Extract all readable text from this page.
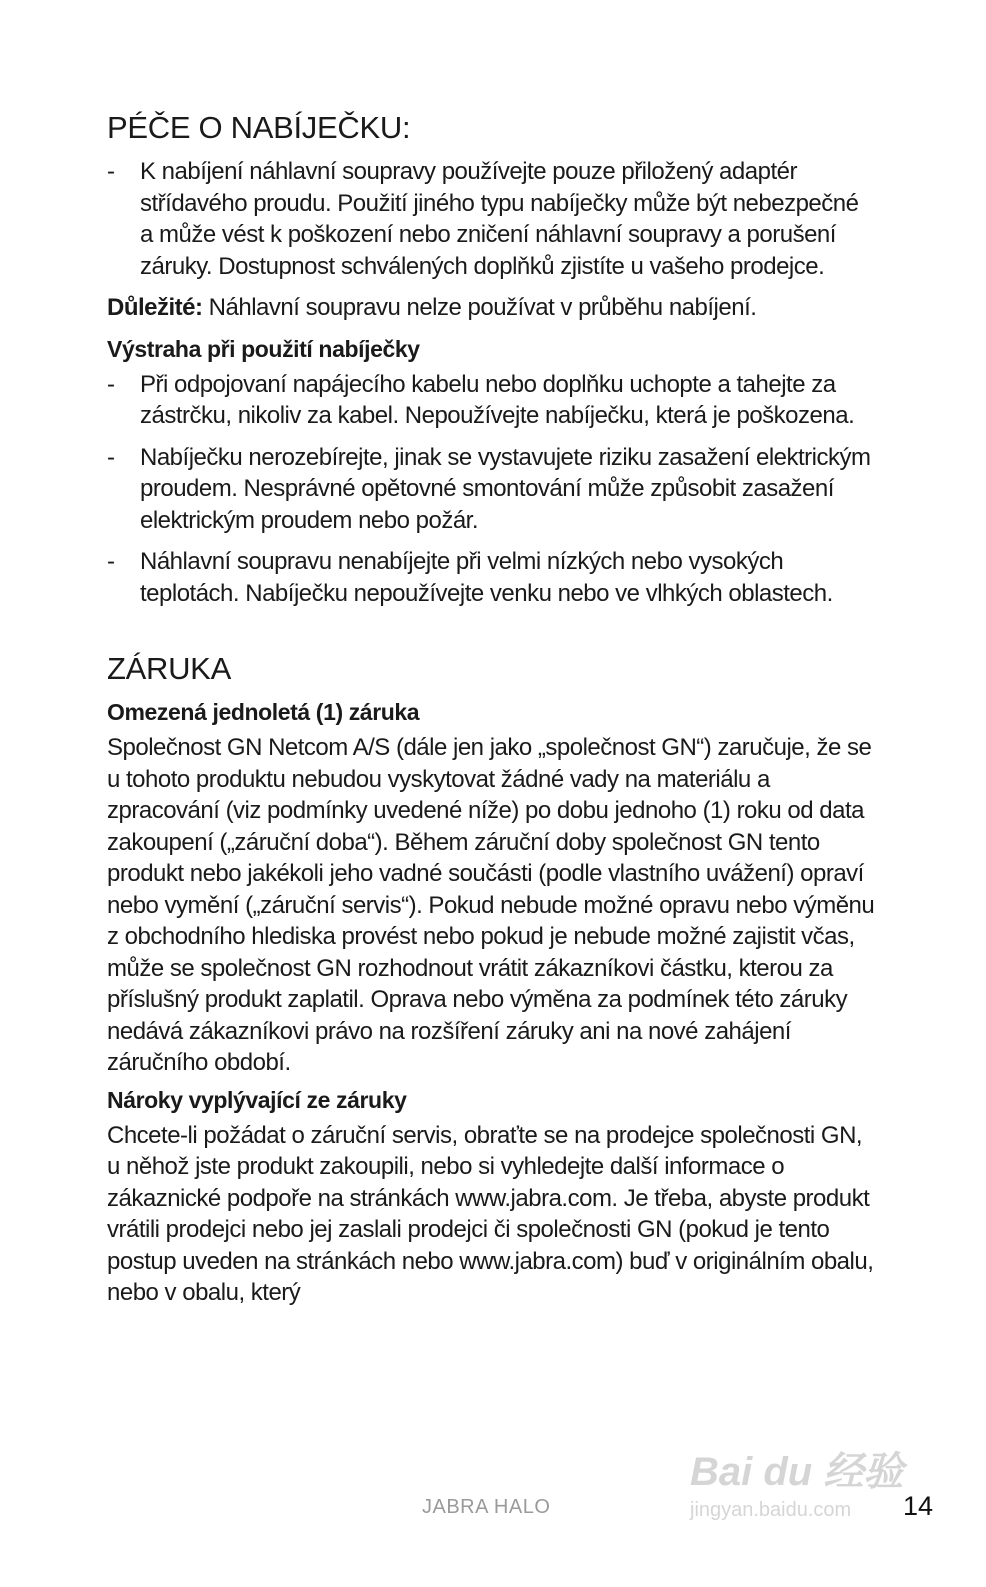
PÉČE O NABÍJEČKU:
-	K nabíjení náhlavní soupravy používejte pouze přiložený adaptér střídavého proudu. Použití jiného typu nabíječky může být nebezpečné a může vést k poškození nebo zničení náhlavní soupravy a porušení záruky. Dostupnost schválených doplňků zjistíte u vašeho prodejce.

Důležité: Náhlavní soupravu nelze používat v průběhu nabíjení.

Výstraha při použití nabíječky
-	Při odpojovaní napájecího kabelu nebo doplňku uchopte a tahejte za zástrčku, nikoliv za kabel. Nepoužívejte nabíječku, která je poškozena.
-	Nabíječku nerozebírejte, jinak se vystavujete riziku zasažení elektrickým proudem. Nesprávné opětovné smontování může způsobit zasažení elektrickým proudem nebo požár.
-	Náhlavní soupravu nenabíjejte při velmi nízkých nebo vysokých teplotách. Nabíječku nepoužívejte venku nebo ve vlhkých oblastech.
ZÁRUKA
Omezená jednoletá (1) záruka

Společnost GN Netcom A/S (dále jen jako „společnost GN“) zaručuje, že se u tohoto produktu nebudou vyskytovat žádné vady na materiálu a zpracování (viz podmínky uvedené níže) po dobu jednoho (1) roku od data zakoupení („záruční doba“). Během záruční doby společnost GN tento produkt nebo jakékoli jeho vadné součásti (podle vlastního uvážení) opraví nebo vymění („záruční servis“). Pokud nebude možné opravu nebo výměnu z obchodního hlediska provést nebo pokud je nebude možné zajistit včas, může se společnost GN rozhodnout vrátit zákazníkovi částku, kterou za příslušný produkt zaplatil. Oprava nebo výměna za podmínek této záruky nedává zákazníkovi právo na rozšíření záruky ani na nové zahájení záručního období.

Nároky vyplývající ze záruky

Chcete-li požádat o záruční servis, obraťte se na prodejce společnosti GN, u něhož jste produkt zakoupili, nebo si vyhledejte další informace o zákaznické podpoře na stránkách www.jabra.com. Je třeba, abyste produkt vrátili prodejci nebo jej zaslali prodejci či společnosti GN (pokud je tento postup uveden na stránkách nebo www.jabra.com) buď v originálním obalu, nebo v obalu, který

JABRA HALO	14
Bai du 经验
jingyan.baidu.com
